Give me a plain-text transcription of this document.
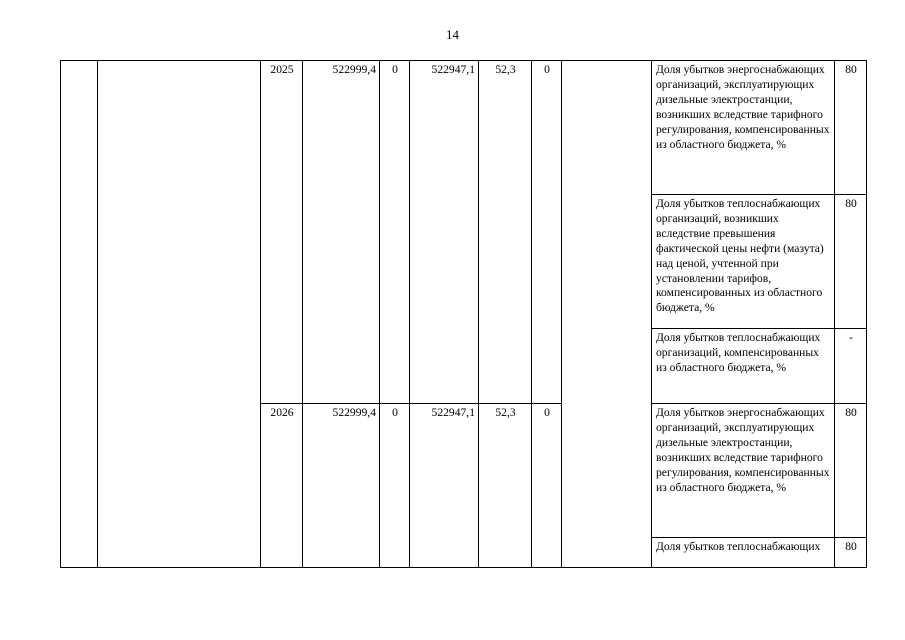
14
		2025	522999,4	0	522947,1	52,3	0		Доля убытков энергоснабжающих организаций, эксплуатирующих дизельные электростанции, возникших вследствие тарифного регулирования, компенсированных из областного бюджета, %	80
									Доля убытков теплоснабжающих организаций, возникших вследствие превышения фактической цены нефти (мазута) над ценой, учтенной при установлении тарифов, компенсированных из областного бюджета, %	80
									Доля убытков теплоснабжающих организаций, компенсированных из областного бюджета, %	-
		2026	522999,4	0	522947,1	52,3	0		Доля убытков энергоснабжающих организаций, эксплуатирующих дизельные электростанции, возникших вследствие тарифного регулирования, компенсированных из областного бюджета, %	80
									Доля убытков теплоснабжающих	80
